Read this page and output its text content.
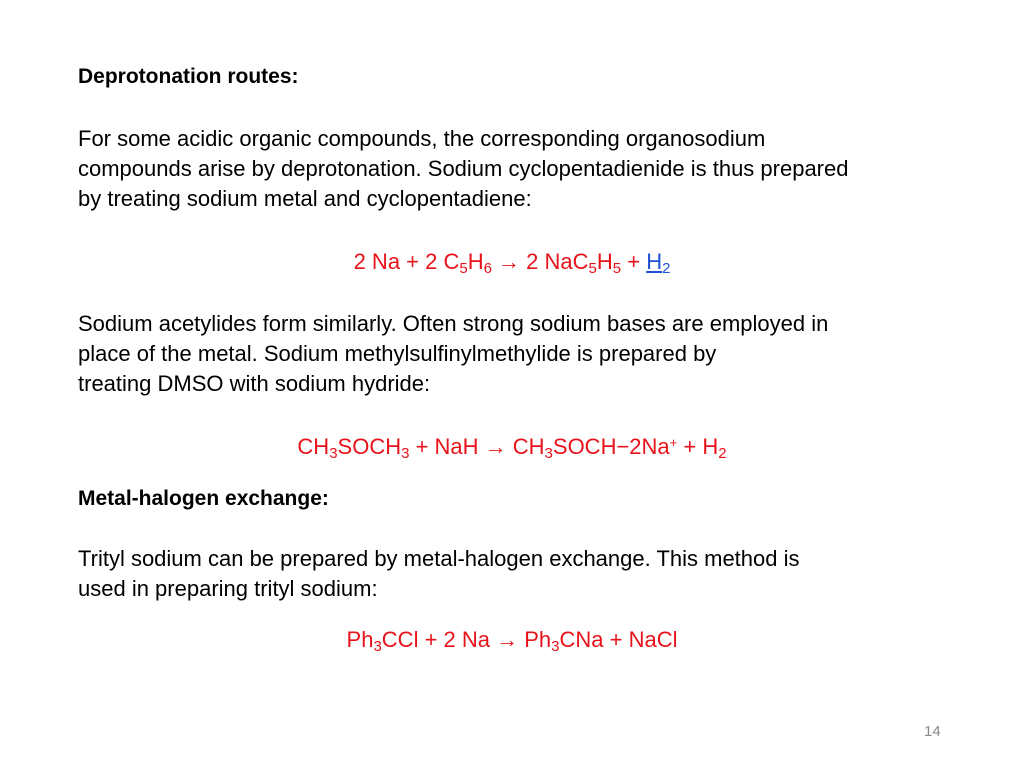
Deprotonation routes:
For some acidic organic compounds, the corresponding organosodium
compounds arise by deprotonation. Sodium cyclopentadienide is thus prepared
by treating sodium metal and cyclopentadiene:
2 Na + 2 $C_5H_6 \to 2$ $NaC_5H_5 + H_2$
Sodium acetylides form similarly. Often strong sodium bases are employed in
place of the metal. Sodium methylsulfinylmethylide is prepared by
treating DMSO with sodium hydride:
$CH_3SOCH_3$ + NaH → $CH_3SOCH-2Na^+ + H_2$
Metal-halogen exchange:
Trityl sodium can be prepared by metal-halogen exchange. This method is
used in preparing trityl sodium:
$Ph_3CCl + 2$ $Na \to Ph_3CNa$ + NaCl
14
